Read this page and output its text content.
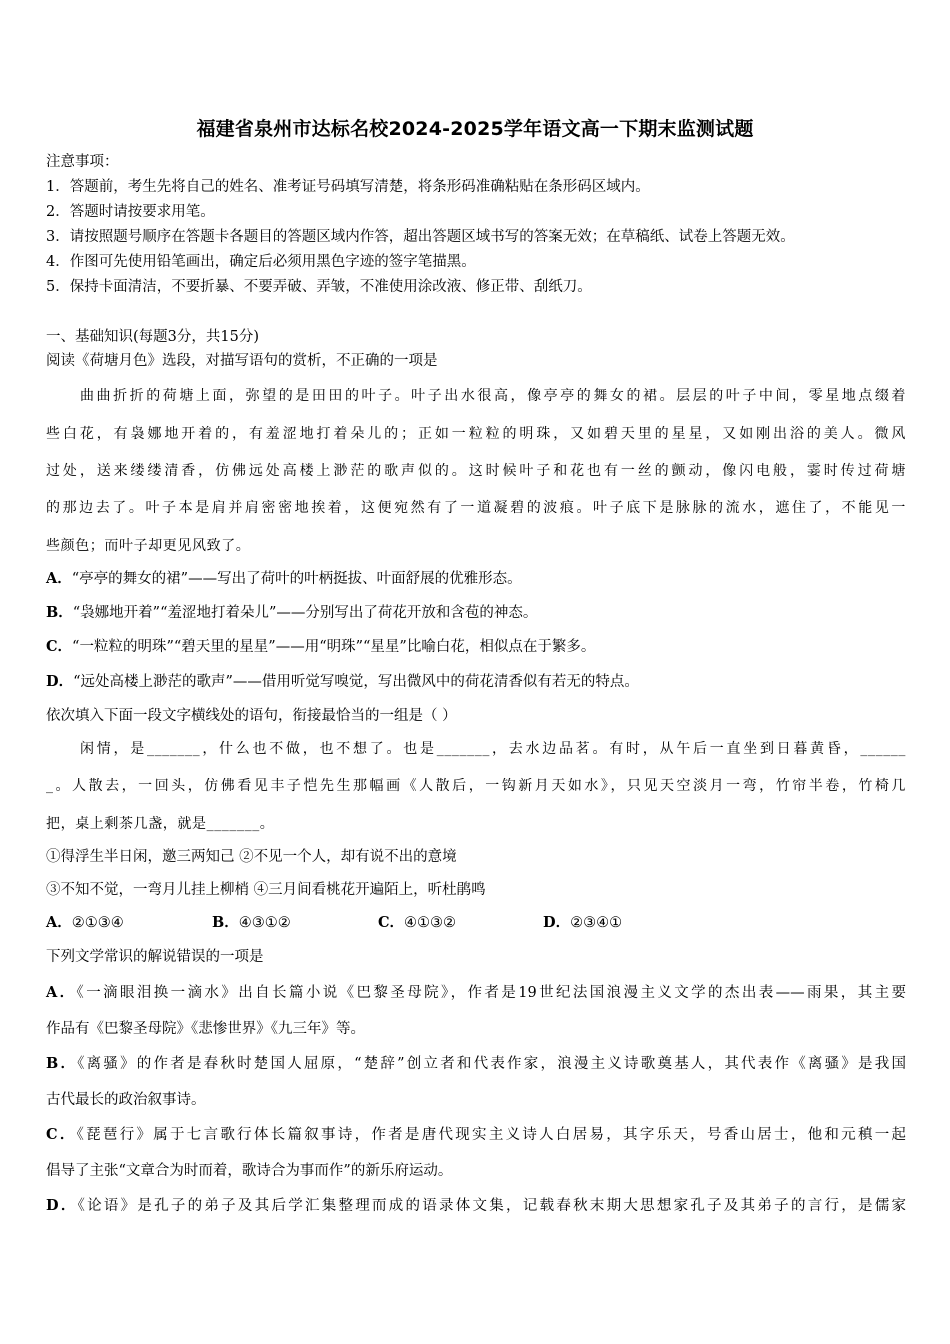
福建省泉州市达标名校2024-2025学年语文高一下期末监测试题
注意事项：
1．答题前，考生先将自己的姓名、准考证号码填写清楚，将条形码准确粘贴在条形码区域内。
2．答题时请按要求用笔。
3．请按照题号顺序在答题卡各题目的答题区域内作答，超出答题区域书写的答案无效；在草稿纸、试卷上答题无效。
4．作图可先使用铅笔画出，确定后必须用黑色字迹的签字笔描黑。
5．保持卡面清洁，不要折暴、不要弄破、弄皱，不准使用涂改液、修正带、刮纸刀。
一、基础知识(每题3分，共15分)
阅读《荷塘月色》选段，对描写语句的赏析，不正确的一项是
曲曲折折的荷塘上面，弥望的是田田的叶子。叶子出水很高，像亭亭的舞女的裙。层层的叶子中间，零星地点缀着
些白花，有袅娜地开着的，有羞涩地打着朵儿的；正如一粒粒的明珠，又如碧天里的星星，又如刚出浴的美人。微风
过处，送来缕缕清香，仿佛远处高楼上渺茫的歌声似的。这时候叶子和花也有一丝的颤动，像闪电般，霎时传过荷塘
的那边去了。叶子本是肩并肩密密地挨着，这便宛然有了一道凝碧的波痕。叶子底下是脉脉的流水，遮住了，不能见一
些颜色；而叶子却更见风致了。
A．“亭亭的舞女的裙”——写出了荷叶的叶柄挺拔、叶面舒展的优雅形态。
B．“袅娜地开着”“羞涩地打着朵儿”——分别写出了荷花开放和含苞的神态。
C．“一粒粒的明珠”“碧天里的星星”——用“明珠”“星星”比喻白花，相似点在于繁多。
D．“远处高楼上渺茫的歌声”——借用听觉写嗅觉，写出微风中的荷花清香似有若无的特点。
依次填入下面一段文字横线处的语句，衔接最恰当的一组是（ ）
闲情，是_______，什么也不做，也不想了。也是_______，去水边品茗。有时，从午后一直坐到日暮黄昏，______
_。人散去，一回头，仿佛看见丰子恺先生那幅画《人散后，一钩新月天如水》，只见天空淡月一弯，竹帘半卷，竹椅几
把，桌上剩茶几盏，就是_______。
①得浮生半日闲，邀三两知己 ②不见一个人，却有说不出的意境
③不知不觉，一弯月儿挂上柳梢 ④三月间看桃花开遍陌上，听杜鹃鸣
A．②①③④	B．④③①②	C．④①③②	D．②③④①
下列文学常识的解说错误的一项是
A．《一滴眼泪换一滴水》出自长篇小说《巴黎圣母院》，作者是19世纪法国浪漫主义文学的杰出表——雨果，其主要
作品有《巴黎圣母院》《悲惨世界》《九三年》等。
B．《离骚》的作者是春秋时楚国人屈原，“楚辞”创立者和代表作家，浪漫主义诗歌奠基人，其代表作《离骚》是我国
古代最长的政治叙事诗。
C．《琵琶行》属于七言歌行体长篇叙事诗，作者是唐代现实主义诗人白居易，其字乐天，号香山居士，他和元稹一起
倡导了主张“文章合为时而着，歌诗合为事而作”的新乐府运动。
D．《论语》是孔子的弟子及其后学汇集整理而成的语录体文集，记载春秋末期大思想家孔子及其弟子的言行，是儒家
